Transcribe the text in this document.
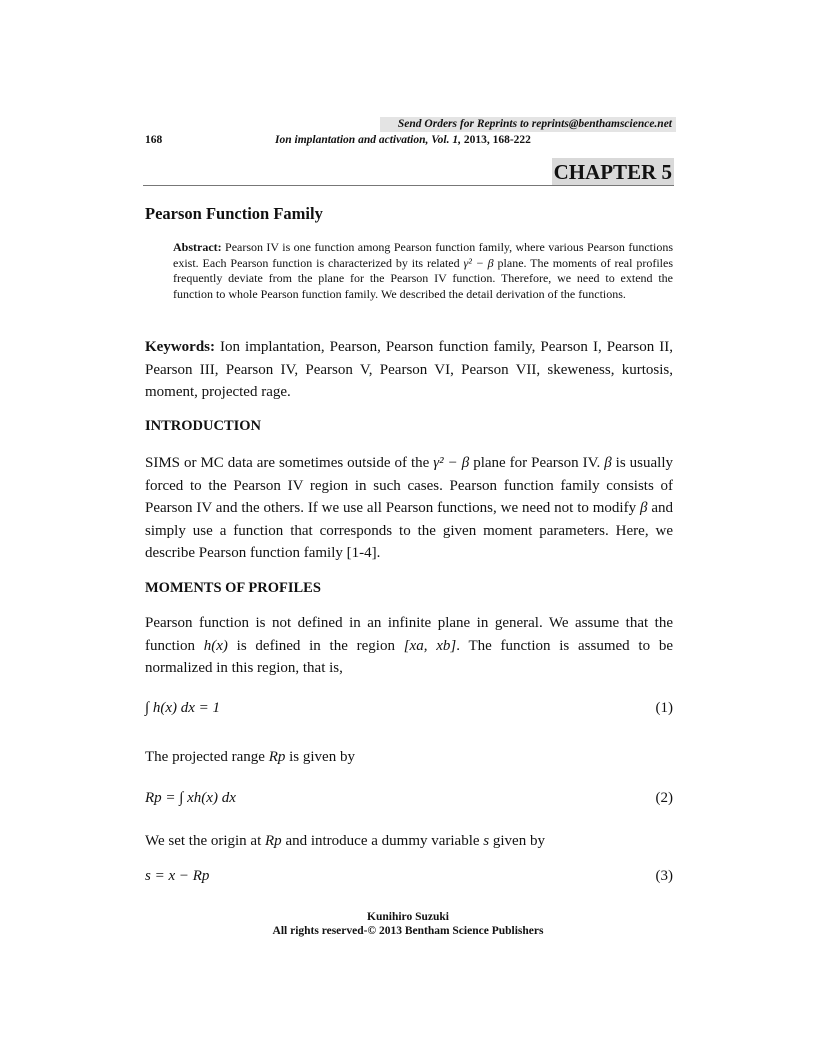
Send Orders for Reprints to reprints@benthamscience.net
168	Ion implantation and activation, Vol. 1, 2013, 168-222
CHAPTER 5
Pearson Function Family
Abstract: Pearson IV is one function among Pearson function family, where various Pearson functions exist. Each Pearson function is characterized by its related γ² − β plane. The moments of real profiles frequently deviate from the plane for the Pearson IV function. Therefore, we need to extend the function to whole Pearson function family. We described the detail derivation of the functions.
Keywords: Ion implantation, Pearson, Pearson function family, Pearson I, Pearson II, Pearson III, Pearson IV, Pearson V, Pearson VI, Pearson VII, skeweness, kurtosis, moment, projected rage.
INTRODUCTION
SIMS or MC data are sometimes outside of the γ² − β plane for Pearson IV. β is usually forced to the Pearson IV region in such cases. Pearson function family consists of Pearson IV and the others. If we use all Pearson functions, we need not to modify β and simply use a function that corresponds to the given moment parameters. Here, we describe Pearson function family [1-4].
MOMENTS OF PROFILES
Pearson function is not defined in an infinite plane in general. We assume that the function h(x) is defined in the region [xa, xb]. The function is assumed to be normalized in this region, that is,
∫ h(x) dx = 1	(1)
The projected range Rp is given by
Rp = ∫ xh(x) dx	(2)
We set the origin at Rp and introduce a dummy variable s given by
s = x − Rp	(3)
Kunihiro Suzuki
All rights reserved-© 2013 Bentham Science Publishers
